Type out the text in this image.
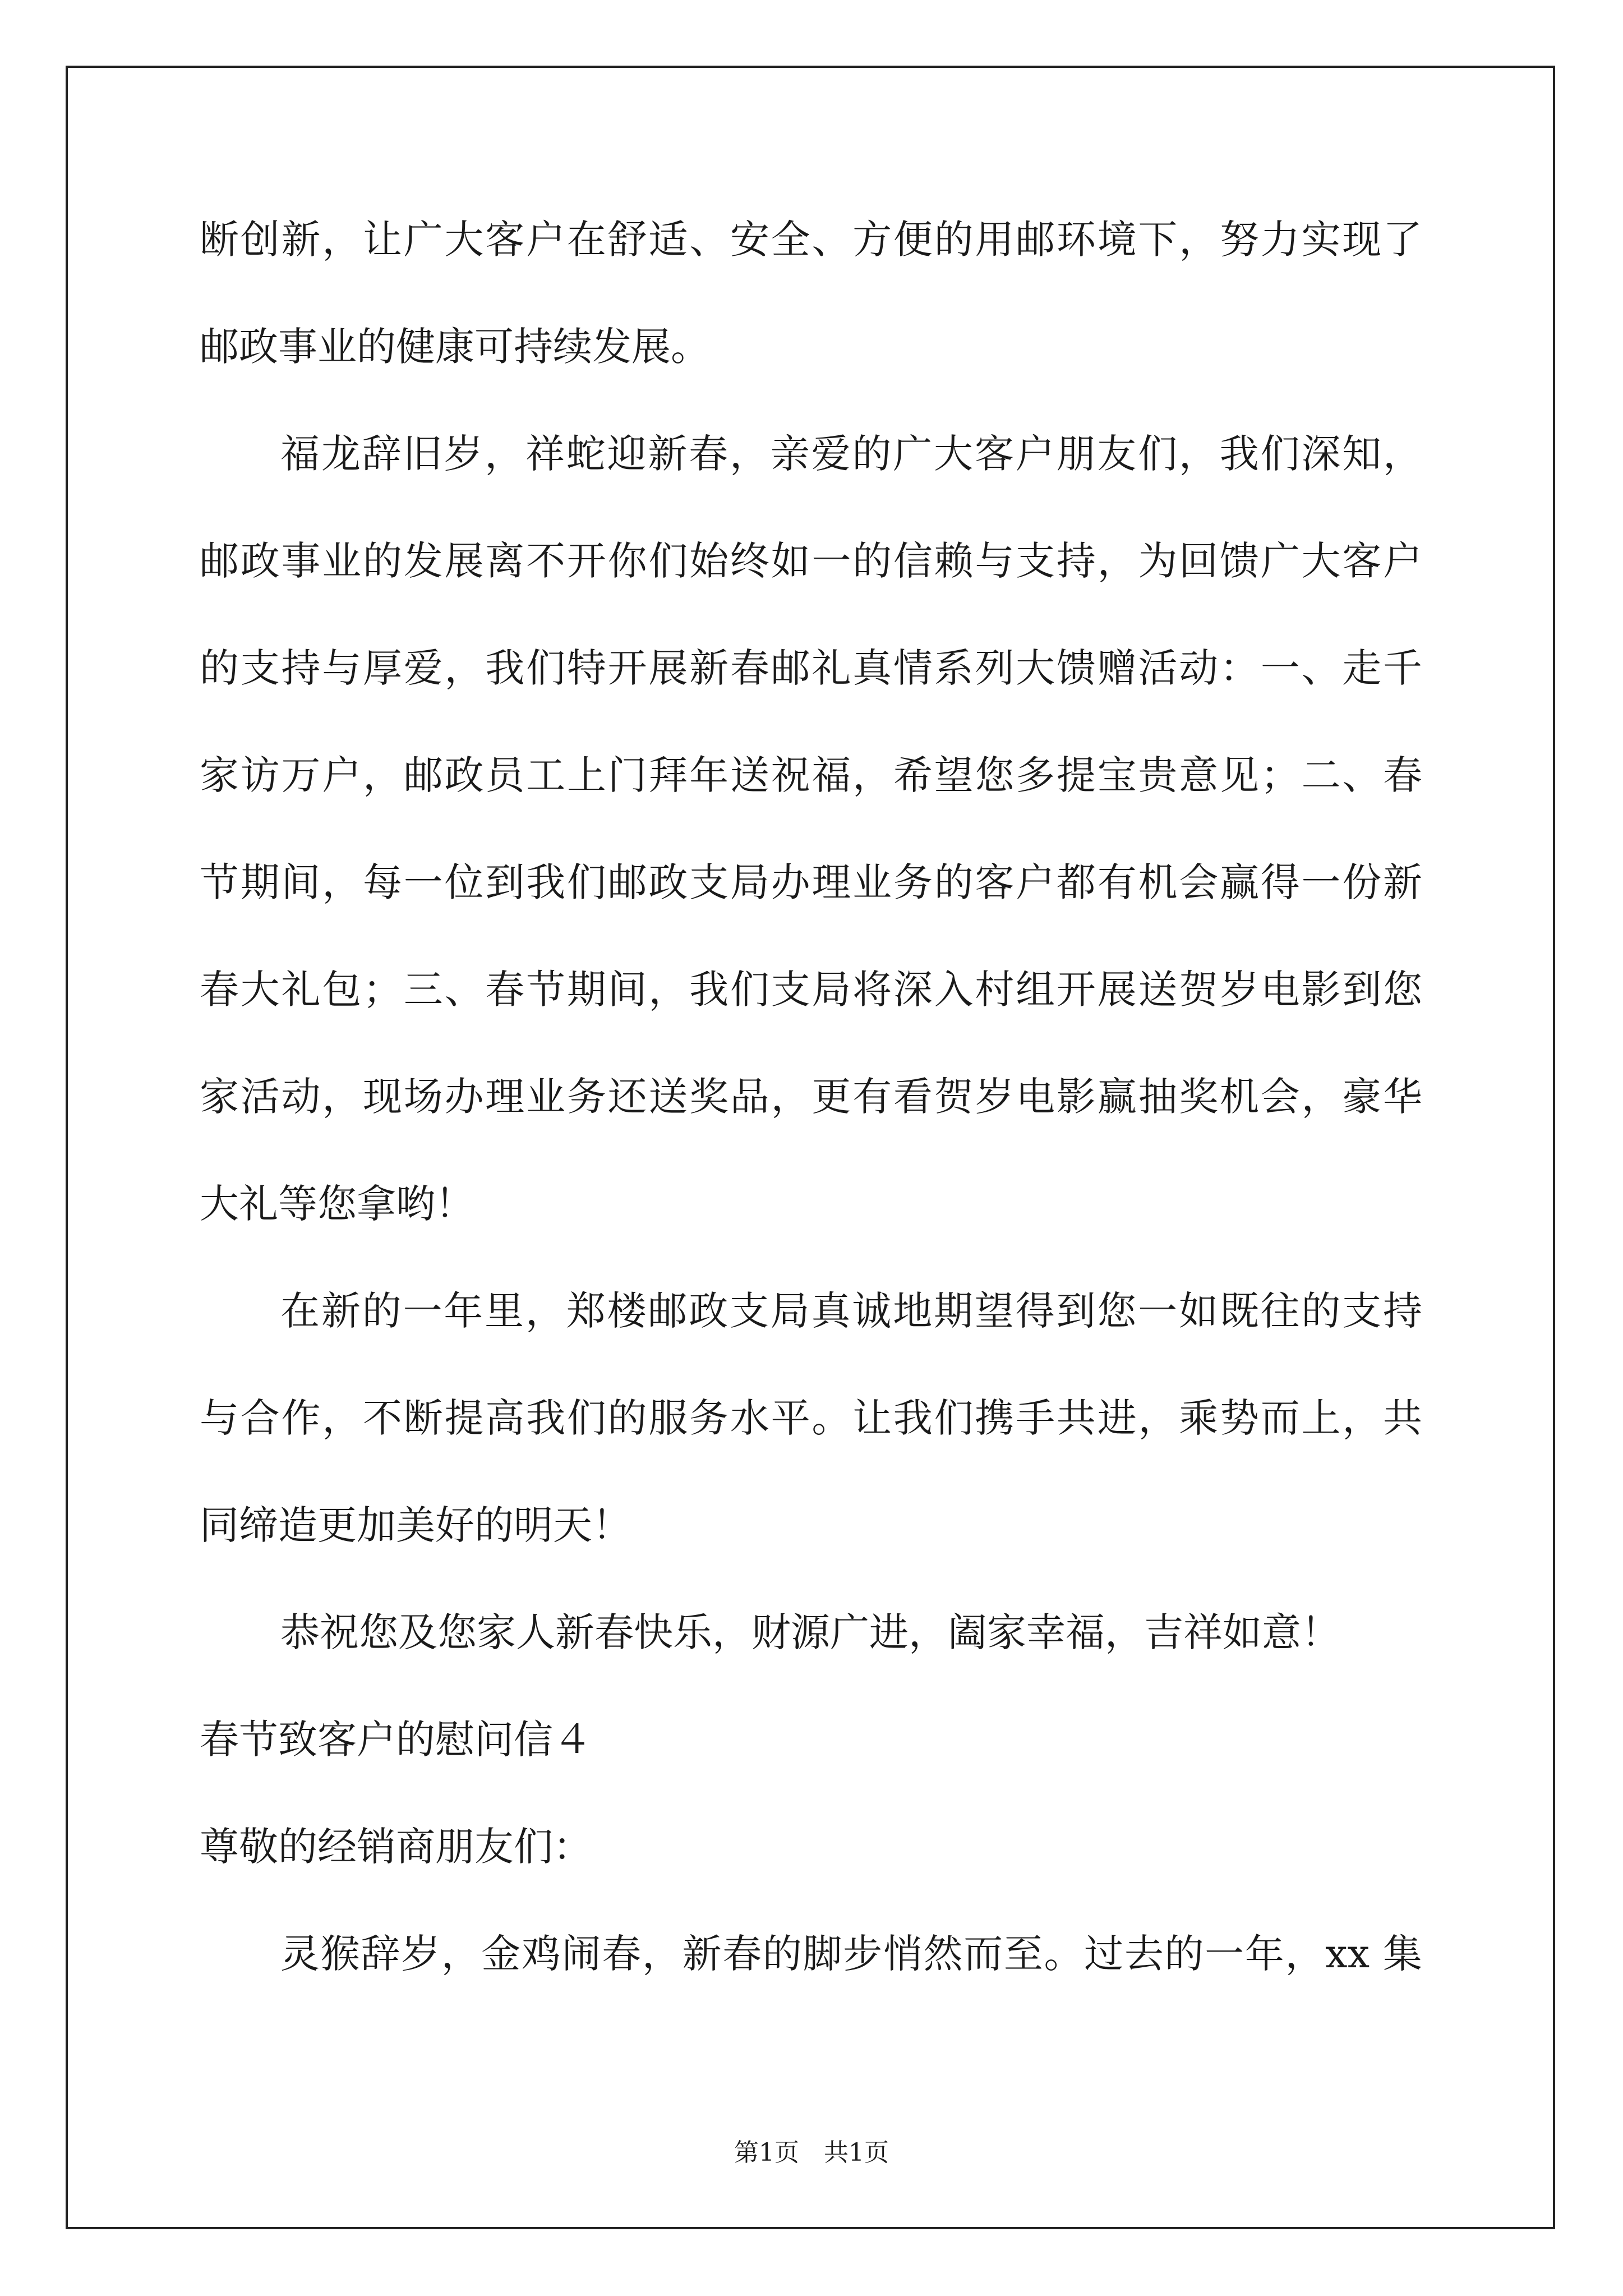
断创新，让广大客户在舒适、安全、方便的用邮环境下，努力实现了
邮政事业的健康可持续发展。
福龙辞旧岁，祥蛇迎新春，亲爱的广大客户朋友们，我们深知，
邮政事业的发展离不开你们始终如一的信赖与支持，为回馈广大客户
的支持与厚爱，我们特开展新春邮礼真情系列大馈赠活动：一、走千
家访万户，邮政员工上门拜年送祝福，希望您多提宝贵意见；二、春
节期间，每一位到我们邮政支局办理业务的客户都有机会赢得一份新
春大礼包；三、春节期间，我们支局将深入村组开展送贺岁电影到您
家活动，现场办理业务还送奖品，更有看贺岁电影赢抽奖机会，豪华
大礼等您拿哟！
在新的一年里，郑楼邮政支局真诚地期望得到您一如既往的支持
与合作，不断提高我们的服务水平。让我们携手共进，乘势而上，共
同缔造更加美好的明天！
恭祝您及您家人新春快乐，财源广进，阖家幸福，吉祥如意！
春节致客户的慰问信４
尊敬的经销商朋友们：
灵猴辞岁，金鸡闹春，新春的脚步悄然而至。过去的一年，xx 集
第1页　共1页
